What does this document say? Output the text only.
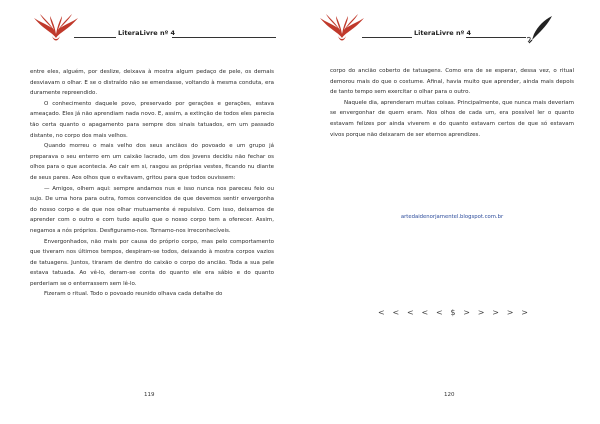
LiteraLivre nº 4

entre eles, alguém, por deslize, deixava à mostra algum pedaço de pele, os demais desviavam o olhar. E se o distraído não se emendasse, voltando à mesma conduta, era duramente repreendido.

O conhecimento daquele povo, preservado por gerações e gerações, estava ameaçado. Eles já não aprendiam nada novo. E, assim, a extinção de todos eles parecia tão certa quanto o apagamento para sempre dos sinais tatuados, em um passado distante, no corpo dos mais velhos.

Quando morreu o mais velho dos seus anciãos do povoado e um grupo já preparava o seu enterro em um caixão lacrado, um dos jovens decidiu não fechar os olhos para o que acontecia. Ao cair em si, rasgou as próprias vestes, ficando nu diante de seus pares. Aos olhos que o evitavam, gritou para que todos ouvissem:

— Amigos, olhem aqui: sempre andamos nus e isso nunca nos pareceu feio ou sujo. De uma hora para outra, fomos convencidos de que devemos sentir envergonha do nosso corpo e de que nos olhar mutuamente é repulsivo. Com isso, deixamos de aprender com o outro e com tudo aquilo que o nosso corpo tem a oferecer. Assim, negamos a nós próprios. Desfiguramo-nos. Tornamo-nos irreconhecíveis.

Envergonhados, não mais por causa do próprio corpo, mas pelo comportamento que tiveram nos últimos tempos, despiram-se todos, deixando à mostra corpos vazios de tatuagens. Juntos, tiraram de dentro do caixão o corpo do ancião. Toda a sua pele estava tatuada. Ao vê-lo, deram-se conta do quanto ele era sábio e do quanto perderiam se o enterrassem sem lê-lo.

Fizeram o ritual. Todo o povoado reunido olhava cada detalhe do

119
LiteraLivre nº 4

corpo do ancião coberto de tatuagens. Como era de se esperar, dessa vez, o ritual demorou mais do que o costume. Afinal, havia muito que aprender, ainda mais depois de tanto tempo sem exercitar o olhar para o outro.

Naquele dia, aprenderam muitas coisas. Principalmente, que nunca mais deveriam se envergonhar de quem eram. Nos olhos de cada um, era possível ler o quanto estavam felizes por ainda viverem e do quanto estavam certos de que só estavam vivos porque não deixaram de ser eternos aprendizes.

artedaidenorjamentel.blogspot.com.br
< < < < < $ > > > > >
120
